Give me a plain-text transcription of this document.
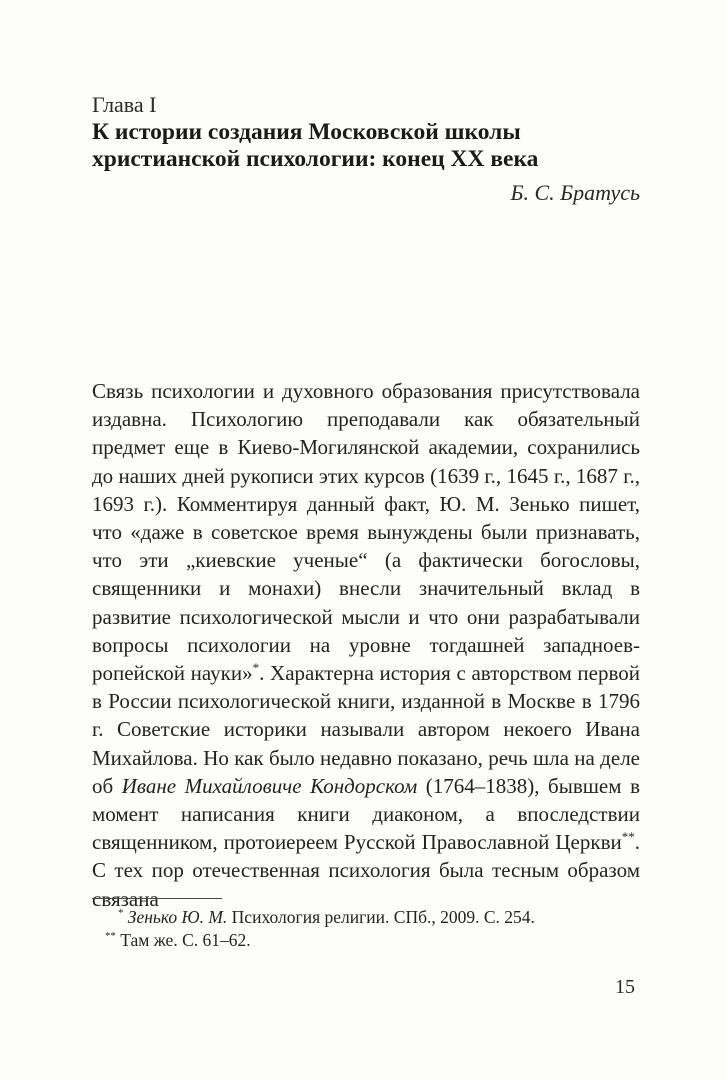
Глава I
К истории создания Московской школы христианской психологии: конец XX века
Б. С. Братусь

Связь психологии и духовного образования присутствовала издавна. Психологию преподавали как обязательный предмет еще в Киево-Могилянской академии, сохранились до наших дней рукописи этих курсов (1639 г., 1645 г., 1687 г., 1693 г.). Комментируя данный факт, Ю. М. Зенько пишет, что «даже в советское время вынуждены были признавать, что эти „киевские ученые“ (а фактически богословы, священники и монахи) внесли значительный вклад в развитие психологической мысли и что они разрабатывали вопросы психологии на уровне тогдашней западноевропейской науки»*. Характерна история с авторством первой в России психологической книги, изданной в Москве в 1796 г. Советские историки называли автором некоего Ивана Михайлова. Но как было недавно показано, речь шла на деле об Иване Михайловиче Кондорском (1764–1838), бывшем в момент написания книги диаконом, а впоследствии священником, протоиереем Русской Православной Церкви**. С тех пор отечественная психология была тесным образом связана

* Зенько Ю. М. Психология религии. СПб., 2009. С. 254.
** Там же. С. 61–62.
15
